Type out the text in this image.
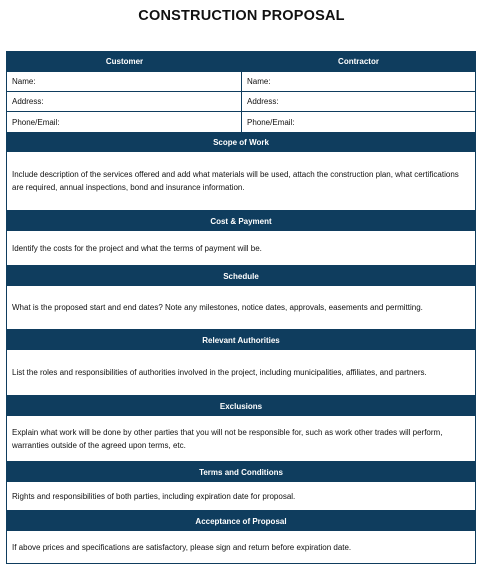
CONSTRUCTION PROPOSAL
Customer	Contractor
Name:	Name:
Address:	Address:
Phone/Email:	Phone/Email:
Scope of Work
Include description of the services offered and add what materials will be used, attach the construction plan, what certifications are required, annual inspections, bond and insurance information.
Cost & Payment
Identify the costs for the project and what the terms of payment will be.
Schedule
What is the proposed start and end dates? Note any milestones, notice dates, approvals, easements and permitting.
Relevant Authorities
List the roles and responsibilities of authorities involved in the project, including municipalities, affiliates, and partners.
Exclusions
Explain what work will be done by other parties that you will not be responsible for, such as work other trades will perform, warranties outside of the agreed upon terms, etc.
Terms and Conditions
Rights and responsibilities of both parties, including expiration date for proposal.
Acceptance of Proposal
If above prices and specifications are satisfactory, please sign and return before expiration date.
